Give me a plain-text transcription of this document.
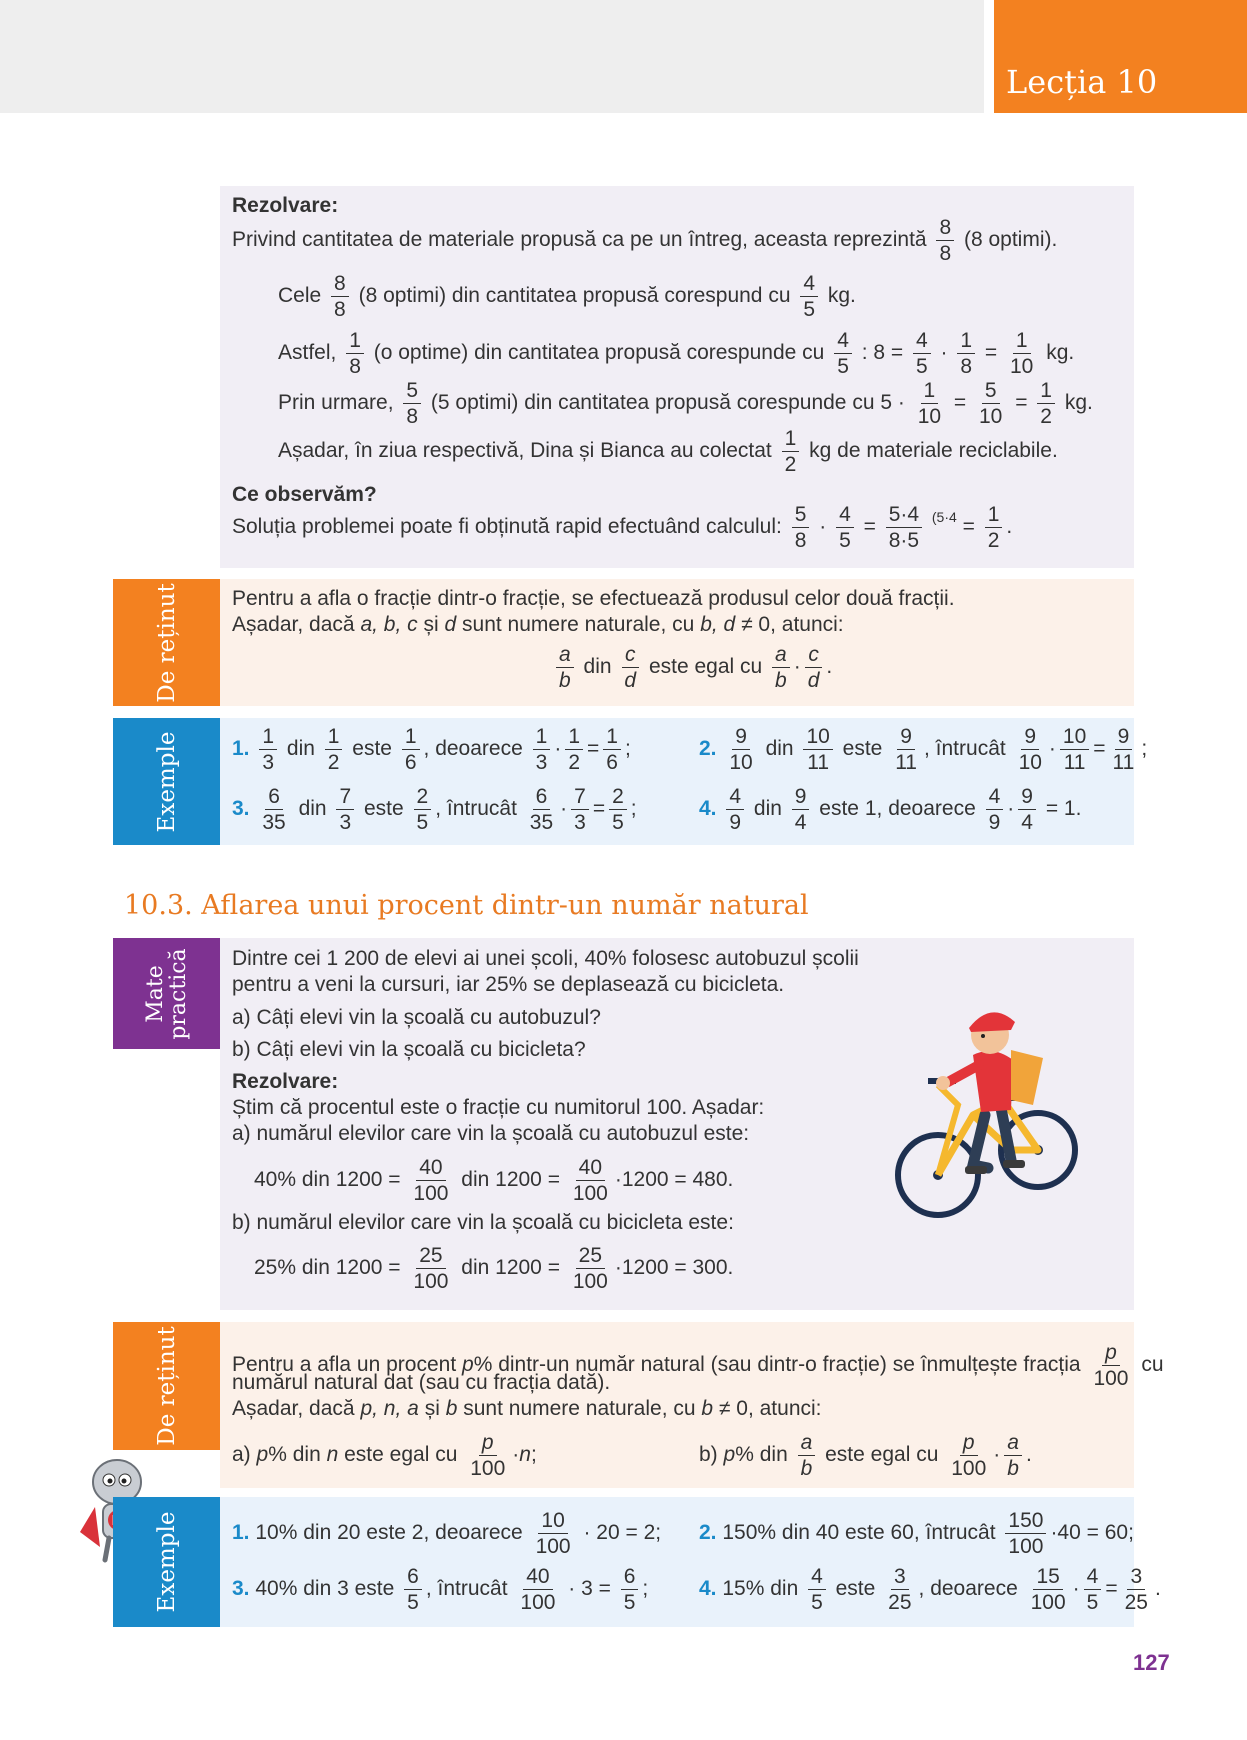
Lecția 10
Rezolvare:
Privind cantitatea de materiale propusă ca pe un întreg, aceasta reprezintă $\frac{8}{8} (8$ optimi).
Cele $\frac{8}{8} (8$ optimi) din cantitatea propusă corespund cu $\frac{4}{5}$ kg.
Astfel, $\frac{1}{8} (o$ optime) din cantitatea propusă corespunde cu $\frac{4}{5}$ : $8 = \frac{4}{5} \cdot \frac{1}{8} = \frac{1}{10}$ kg.
Prin urmare, $\frac{5}{8} (5$ optimi) din cantitatea propusă corespunde cu $5 \cdot \frac{1}{10} = \frac{5}{10} = \frac{1}{2}$ kg.
Așadar, în ziua respectivă, Dina și Bianca au colectat $\frac{1}{2}$ kg de materiale reciclabile.
Ce observăm?
Soluția problemei poate fi obținută rapid efectuând calculul: $\frac{5}{8} \cdot \frac{4}{5} = \frac{5\cdot 4}{8\cdot 5} ^{(5\cdot 4} = \frac{1}{2}$ .
De reținut	Pentru a afla o fracție dintr-o fracție, se efectuează produsul celor două fracții.
Așadar, dacă a, b, c și d sunt numere naturale, cu b, d ≠ 0, atunci:
$\frac{a}{b}$ din $\frac{c}{d}$ este egal cu $\frac{a}{b} \cdot \frac{c}{d}$ .
Exemple	1. $\frac{1}{3}$ din $\frac{1}{2}$ este $\frac{1}{6}$ , deoarece $\frac{1}{3} \cdot \frac{1}{2} = \frac{1}{6}$ ;	2. $\frac{9}{10}$ din $\frac{10}{11}$ este $\frac{9}{11}$ , întrucât $\frac{9}{10} \cdot \frac{10}{11} = \frac{9}{11}$ ;
3. $\frac{6}{35}$ din $\frac{7}{3}$ este $\frac{2}{5}$ , întrucât $\frac{6}{35} \cdot \frac{7}{3} = \frac{2}{5}$ ;	4. $\frac{4}{9}$ din $\frac{9}{4}$ este 1, deoarece $\frac{4}{9} \cdot \frac{9}{4} = 1$.
10.3. Aflarea unui procent dintr-un număr natural
Mate
practică Dintre cei 1 200 de elevi ai unei școli, 40% folosesc autobuzul școlii
pentru a veni la cursuri, iar 25% se deplasează cu bicicleta.
a) Câți elevi vin la școală cu autobuzul?
b) Câți elevi vin la școală cu bicicleta?
Rezolvare:
Știm că procentul este o fracție cu numitorul 100. Așadar:
a) numărul elevilor care vin la școală cu autobuzul este:
40% din $1200 = \frac{40}{100}$ din $1200 = \frac{40}{100} \cdot 1200 = 480$.
b) numărul elevilor care vin la școală cu bicicleta este:
25% din $1200 = \frac{25}{100}$ din $1200 = \frac{25}{100} \cdot 1200 = 300$.
De reținut	Pentru a afla un procent p% dintr-un număr natural (sau dintr-o fracție) se înmulțește fracția $\frac{p}{100}$ cu
numărul natural dat (sau cu fracția dată).
Așadar, dacă p, n, a și b sunt numere naturale, cu b ≠ 0, atunci:
a) p% din n este egal cu $\frac{p}{100} \cdot n$;	b) p% din $\frac{a}{b}$ este egal cu $\frac{p}{100} \cdot \frac{a}{b}$ .
Exemple	1. 10% din 20 este 2, deoarece $\frac{10}{100} \cdot 20 = 2$; 2. 150% din 40 este 60, întrucât $\frac{150}{100} \cdot 40 = 60$;
3. 40% din 3 este $\frac{6}{5}$ , întrucât $\frac{40}{100} \cdot 3 = \frac{6}{5}$ ; 4. 15% din $\frac{4}{5}$ este $\frac{3}{25}$ , deoarece $\frac{15}{100} \cdot \frac{4}{5} = \frac{3}{25}$ .
127
